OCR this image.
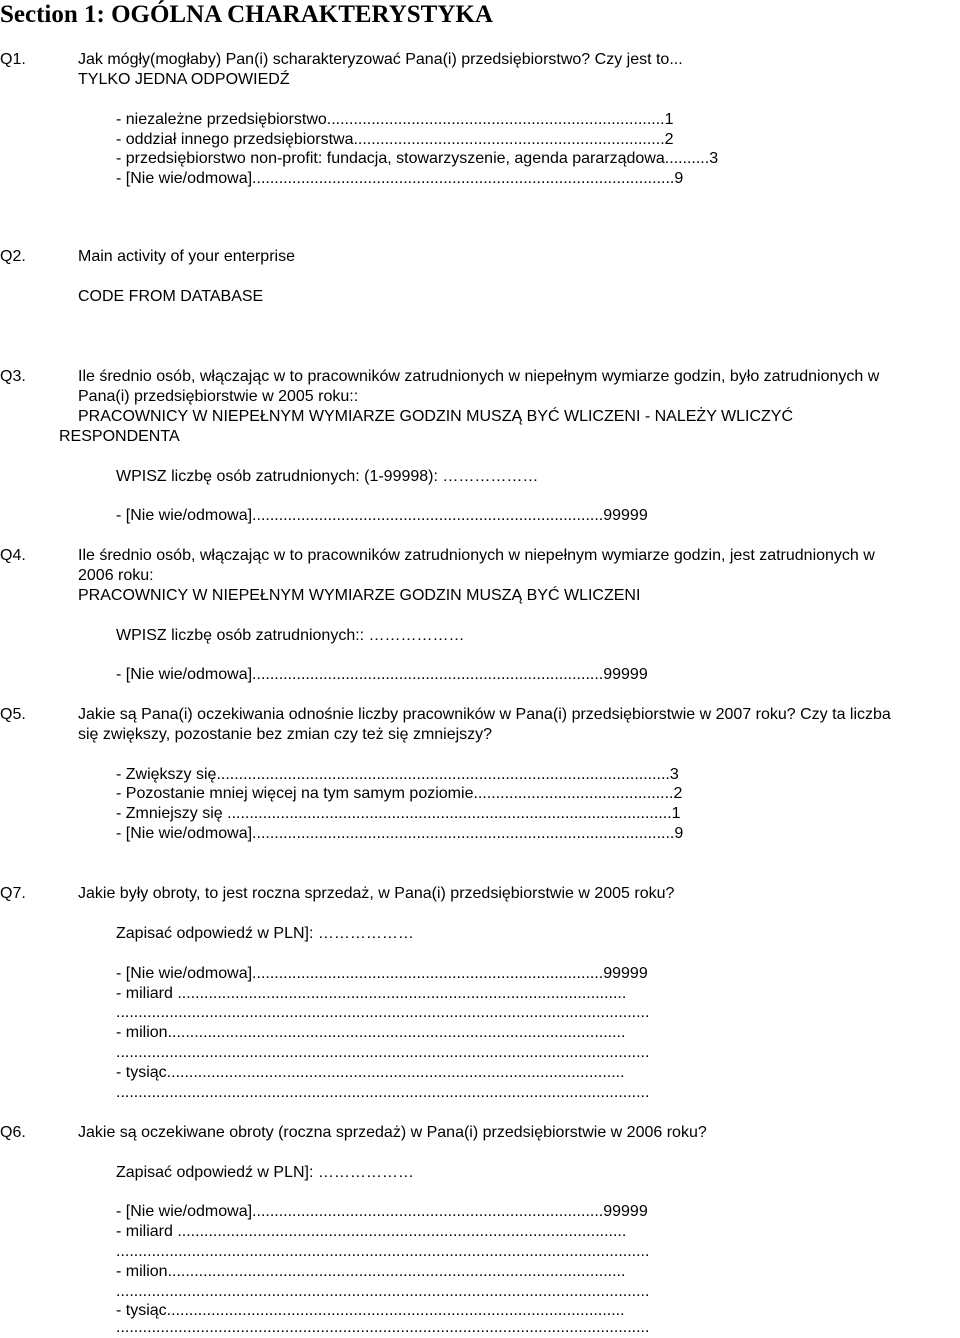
Section 1: OGÓLNA CHARAKTERYSTYKA
Q1.	Jak mógły(mogłaby) Pan(i) scharakteryzować Pana(i) przedsiębiorstwo? Czy jest to...
TYLKO JEDNA ODPOWIEDŹ
- niezależne przedsiębiorstwo............................................................................1
- oddział innego przedsiębiorstwa......................................................................2
- przedsiębiorstwo non-profit: fundacja, stowarzyszenie, agenda pararządowa..........3
- [Nie wie/odmowa]...............................................................................................9
Q2.	Main activity of your enterprise
CODE FROM DATABASE
Q3.	Ile średnio osób, włączając w to pracowników zatrudnionych w niepełnym wymiarze godzin, było zatrudnionych w
Pana(i) przedsiębiorstwie w 2005 roku::
PRACOWNICY W NIEPEŁNYM WYMIARZE GODZIN MUSZĄ BYĆ WLICZENI - NALEŻY WLICZYĆ
RESPONDENTA
WPISZ liczbę osób zatrudnionych: (1-99998): ………………
- [Nie wie/odmowa]...............................................................................99999
Q4.	Ile średnio osób, włączając w to pracowników zatrudnionych w niepełnym wymiarze godzin, jest zatrudnionych w
2006 roku:
PRACOWNICY W NIEPEŁNYM WYMIARZE GODZIN MUSZĄ BYĆ WLICZENI
WPISZ liczbę osób zatrudnionych:: ………………
- [Nie wie/odmowa]...............................................................................99999
Q5.	Jakie są Pana(i) oczekiwania odnośnie liczby pracowników w Pana(i) przedsiębiorstwie w 2007 roku? Czy ta liczba
się zwiększy, pozostanie bez zmian czy też się zmniejszy?
- Zwiększy się......................................................................................................3
- Pozostanie mniej więcej na tym samym poziomie.............................................2
- Zmniejszy się ....................................................................................................1
- [Nie wie/odmowa]...............................................................................................9
Q7.	Jakie były obroty, to jest roczna sprzedaż, w Pana(i) przedsiębiorstwie w 2005 roku?
Zapisać odpowiedź w PLN]: ………………
- [Nie wie/odmowa]...............................................................................99999
- miliard .....................................................................................................
........................................................................................................................
- milion.......................................................................................................
........................................................................................................................
- tysiąc.......................................................................................................
........................................................................................................................
Q6.	Jakie są oczekiwane obroty (roczna sprzedaż) w Pana(i) przedsiębiorstwie w 2006 roku?
Zapisać odpowiedź w PLN]: ………………
- [Nie wie/odmowa]...............................................................................99999
- miliard .....................................................................................................
........................................................................................................................
- milion.......................................................................................................
........................................................................................................................
- tysiąc.......................................................................................................
........................................................................................................................
